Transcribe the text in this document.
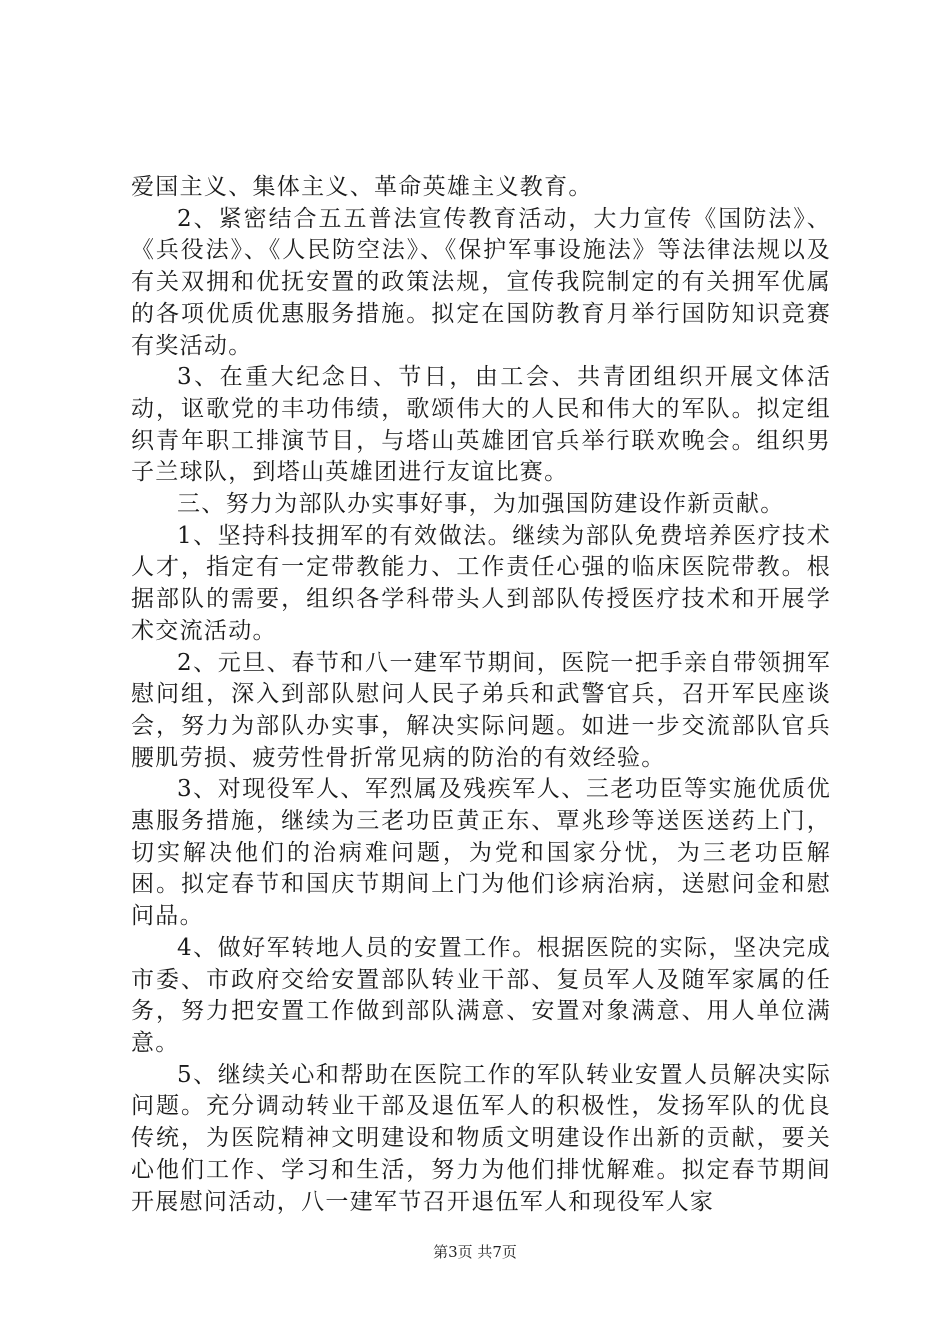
爱国主义、集体主义、革命英雄主义教育。

2、紧密结合五五普法宣传教育活动，大力宣传《国防法》、《兵役法》、《人民防空法》、《保护军事设施法》等法律法规以及有关双拥和优抚安置的政策法规，宣传我院制定的有关拥军优属的各项优质优惠服务措施。拟定在国防教育月举行国防知识竞赛有奖活动。

3、在重大纪念日、节日，由工会、共青团组织开展文体活动，讴歌党的丰功伟绩，歌颂伟大的人民和伟大的军队。拟定组织青年职工排演节目，与塔山英雄团官兵举行联欢晚会。组织男子兰球队，到塔山英雄团进行友谊比赛。

三、努力为部队办实事好事，为加强国防建设作新贡献。

1、坚持科技拥军的有效做法。继续为部队免费培养医疗技术人才，指定有一定带教能力、工作责任心强的临床医院带教。根据部队的需要，组织各学科带头人到部队传授医疗技术和开展学术交流活动。

2、元旦、春节和八一建军节期间，医院一把手亲自带领拥军慰问组，深入到部队慰问人民子弟兵和武警官兵，召开军民座谈会，努力为部队办实事，解决实际问题。如进一步交流部队官兵腰肌劳损、疲劳性骨折常见病的防治的有效经验。

3、对现役军人、军烈属及残疾军人、三老功臣等实施优质优惠服务措施，继续为三老功臣黄正东、覃兆珍等送医送药上门，切实解决他们的治病难问题，为党和国家分忧，为三老功臣解困。拟定春节和国庆节期间上门为他们诊病治病，送慰问金和慰问品。

4、做好军转地人员的安置工作。根据医院的实际，坚决完成市委、市政府交给安置部队转业干部、复员军人及随军家属的任务，努力把安置工作做到部队满意、安置对象满意、用人单位满意。

5、继续关心和帮助在医院工作的军队转业安置人员解决实际问题。充分调动转业干部及退伍军人的积极性，发扬军队的优良传统，为医院精神文明建设和物质文明建设作出新的贡献，要关心他们工作、学习和生活，努力为他们排忧解难。拟定春节期间开展慰问活动，八一建军节召开退伍军人和现役军人家

第3页 共7页
